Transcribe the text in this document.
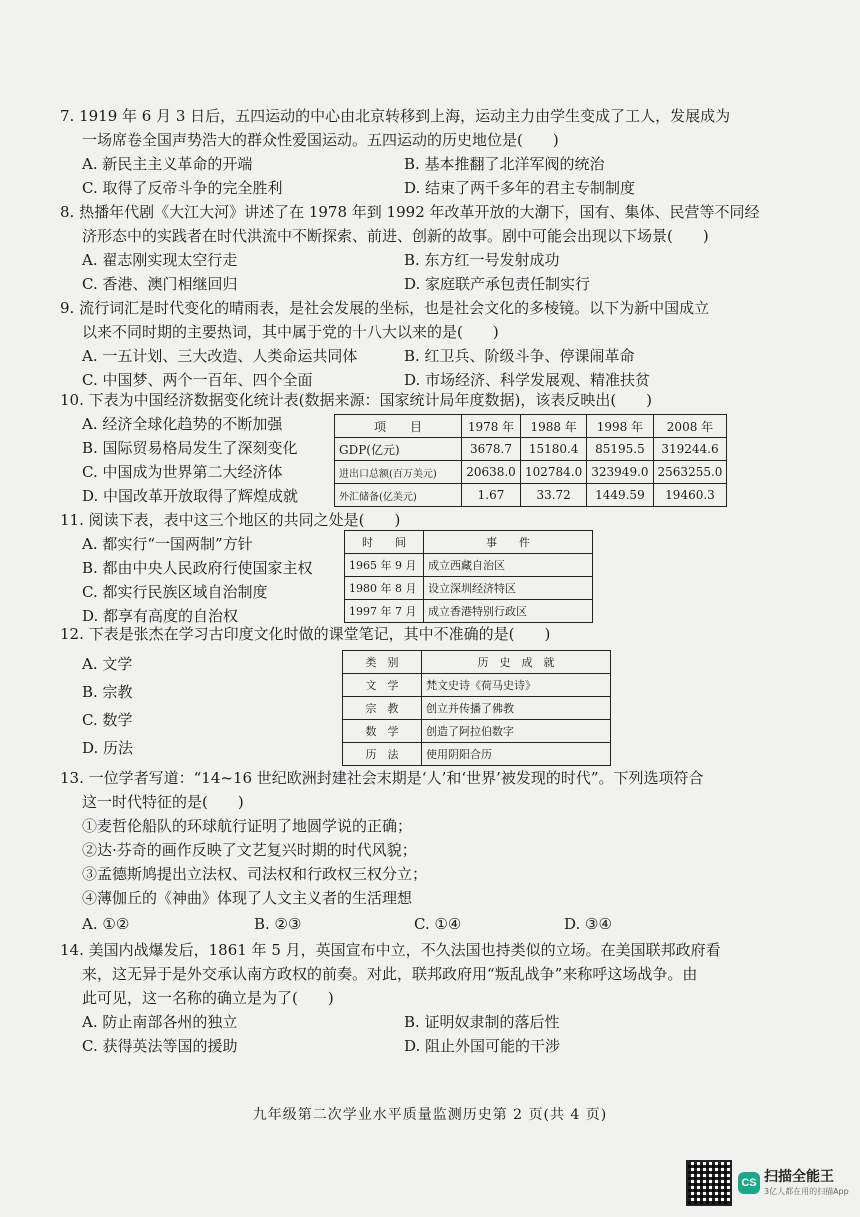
7. 1919 年 6 月 3 日后，五四运动的中心由北京转移到上海，运动主力由学生变成了工人，发展成为

一场席卷全国声势浩大的群众性爱国运动。五四运动的历史地位是(　　)

A. 新民主主义革命的开端	B. 基本推翻了北洋军阀的统治
C. 取得了反帝斗争的完全胜利	D. 结束了两千多年的君主专制制度

8. 热播年代剧《大江大河》讲述了在 1978 年到 1992 年改革开放的大潮下，国有、集体、民营等不同经

济形态中的实践者在时代洪流中不断探索、前进、创新的故事。剧中可能会出现以下场景(　　)

A. 翟志刚实现太空行走	B. 东方红一号发射成功
C. 香港、澳门相继回归	D. 家庭联产承包责任制实行

9. 流行词汇是时代变化的晴雨表，是社会发展的坐标，也是社会文化的多棱镜。以下为新中国成立

以来不同时期的主要热词，其中属于党的十八大以来的是(　　)

A. 一五计划、三大改造、人类命运共同体	B. 红卫兵、阶级斗争、停课闹革命
C. 中国梦、两个一百年、四个全面	D. 市场经济、科学发展观、精准扶贫

10. 下表为中国经济数据变化统计表(数据来源：国家统计局年度数据)，该表反映出(　　)

A. 经济全球化趋势的不断加强
B. 国际贸易格局发生了深刻变化
C. 中国成为世界第二大经济体
D. 中国改革开放取得了辉煌成就
项　　目	1978 年	1988 年	1998 年	2008 年
GDP(亿元)	3678.7	15180.4	85195.5	319244.6
进出口总额(百万美元)	20638.0	102784.0	323949.0	2563255.0
外汇储备(亿美元)	1.67	33.72	1449.59	19460.3

11. 阅读下表，表中这三个地区的共同之处是(　　)

A. 都实行“一国两制”方针
B. 都由中央人民政府行使国家主权
C. 都实行民族区域自治制度
D. 都享有高度的自治权
时　　间	事　　件
1965 年 9 月	成立西藏自治区
1980 年 8 月	设立深圳经济特区
1997 年 7 月	成立香港特别行政区

12. 下表是张杰在学习古印度文化时做的课堂笔记，其中不准确的是(　　)

A. 文学
B. 宗教
C. 数学
D. 历法
类　别	历　史　成　就
文　学	梵文史诗《荷马史诗》
宗　教	创立并传播了佛教
数　学	创造了阿拉伯数字
历　法	使用阴阳合历

13. 一位学者写道：“14~16 世纪欧洲封建社会末期是‘人’和‘世界’被发现的时代”。下列选项符合

这一时代特征的是(　　)

①麦哲伦船队的环球航行证明了地圆学说的正确；
②达·芬奇的画作反映了文艺复兴时期的时代风貌；
③孟德斯鸠提出立法权、司法权和行政权三权分立；
④薄伽丘的《神曲》体现了人文主义者的生活理想
A. ①②	B. ②③	C. ①④	D. ③④

14. 美国内战爆发后，1861 年 5 月，英国宣布中立，不久法国也持类似的立场。在美国联邦政府看

来，这无异于是外交承认南方政权的前奏。对此，联邦政府用“叛乱战争”来称呼这场战争。由

此可见，这一名称的确立是为了(　　)

A. 防止南部各州的独立	B. 证明奴隶制的落后性
C. 获得英法等国的援助	D. 阻止外国可能的干涉
九年级第二次学业水平质量监测历史第 2 页(共 4 页)
CS 扫描全能王
3亿人都在用的扫描App
